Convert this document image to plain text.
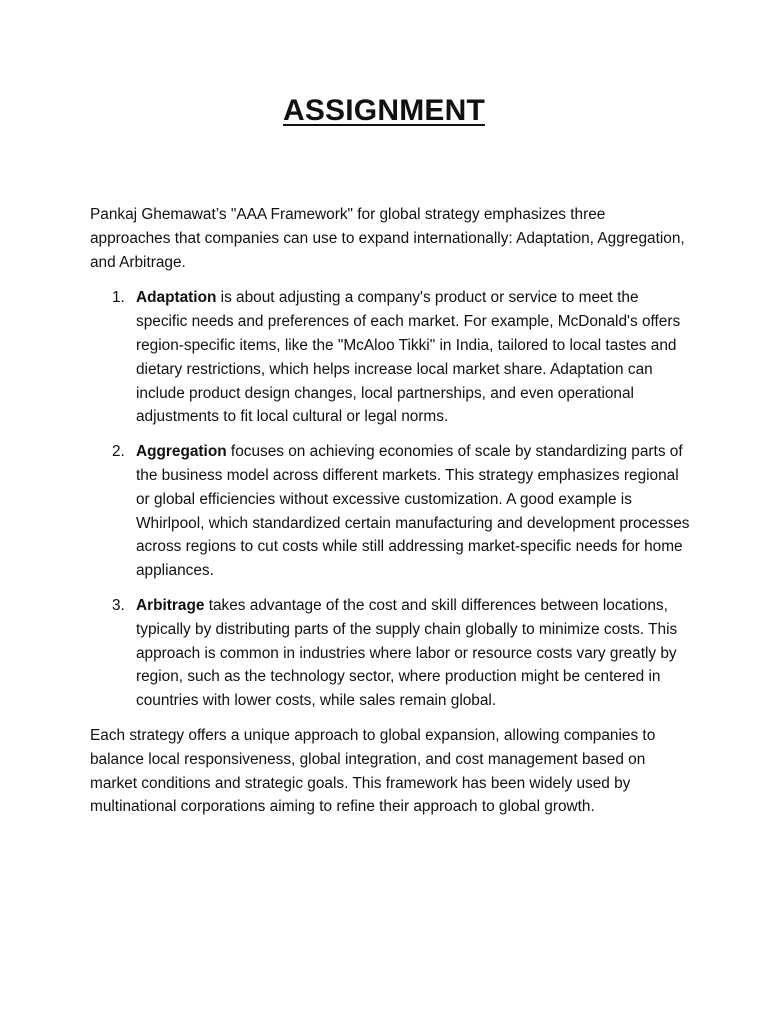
ASSIGNMENT

Pankaj Ghemawat’s "AAA Framework" for global strategy emphasizes three approaches that companies can use to expand internationally: Adaptation, Aggregation, and Arbitrage.

1. Adaptation is about adjusting a company's product or service to meet the specific needs and preferences of each market. For example, McDonald's offers region-specific items, like the "McAloo Tikki" in India, tailored to local tastes and dietary restrictions, which helps increase local market share. Adaptation can include product design changes, local partnerships, and even operational adjustments to fit local cultural or legal norms.
2. Aggregation focuses on achieving economies of scale by standardizing parts of the business model across different markets. This strategy emphasizes regional or global efficiencies without excessive customization. A good example is Whirlpool, which standardized certain manufacturing and development processes across regions to cut costs while still addressing market-specific needs for home appliances.
3. Arbitrage takes advantage of the cost and skill differences between locations, typically by distributing parts of the supply chain globally to minimize costs. This approach is common in industries where labor or resource costs vary greatly by region, such as the technology sector, where production might be centered in countries with lower costs, while sales remain global.

Each strategy offers a unique approach to global expansion, allowing companies to balance local responsiveness, global integration, and cost management based on market conditions and strategic goals. This framework has been widely used by multinational corporations aiming to refine their approach to global growth.
